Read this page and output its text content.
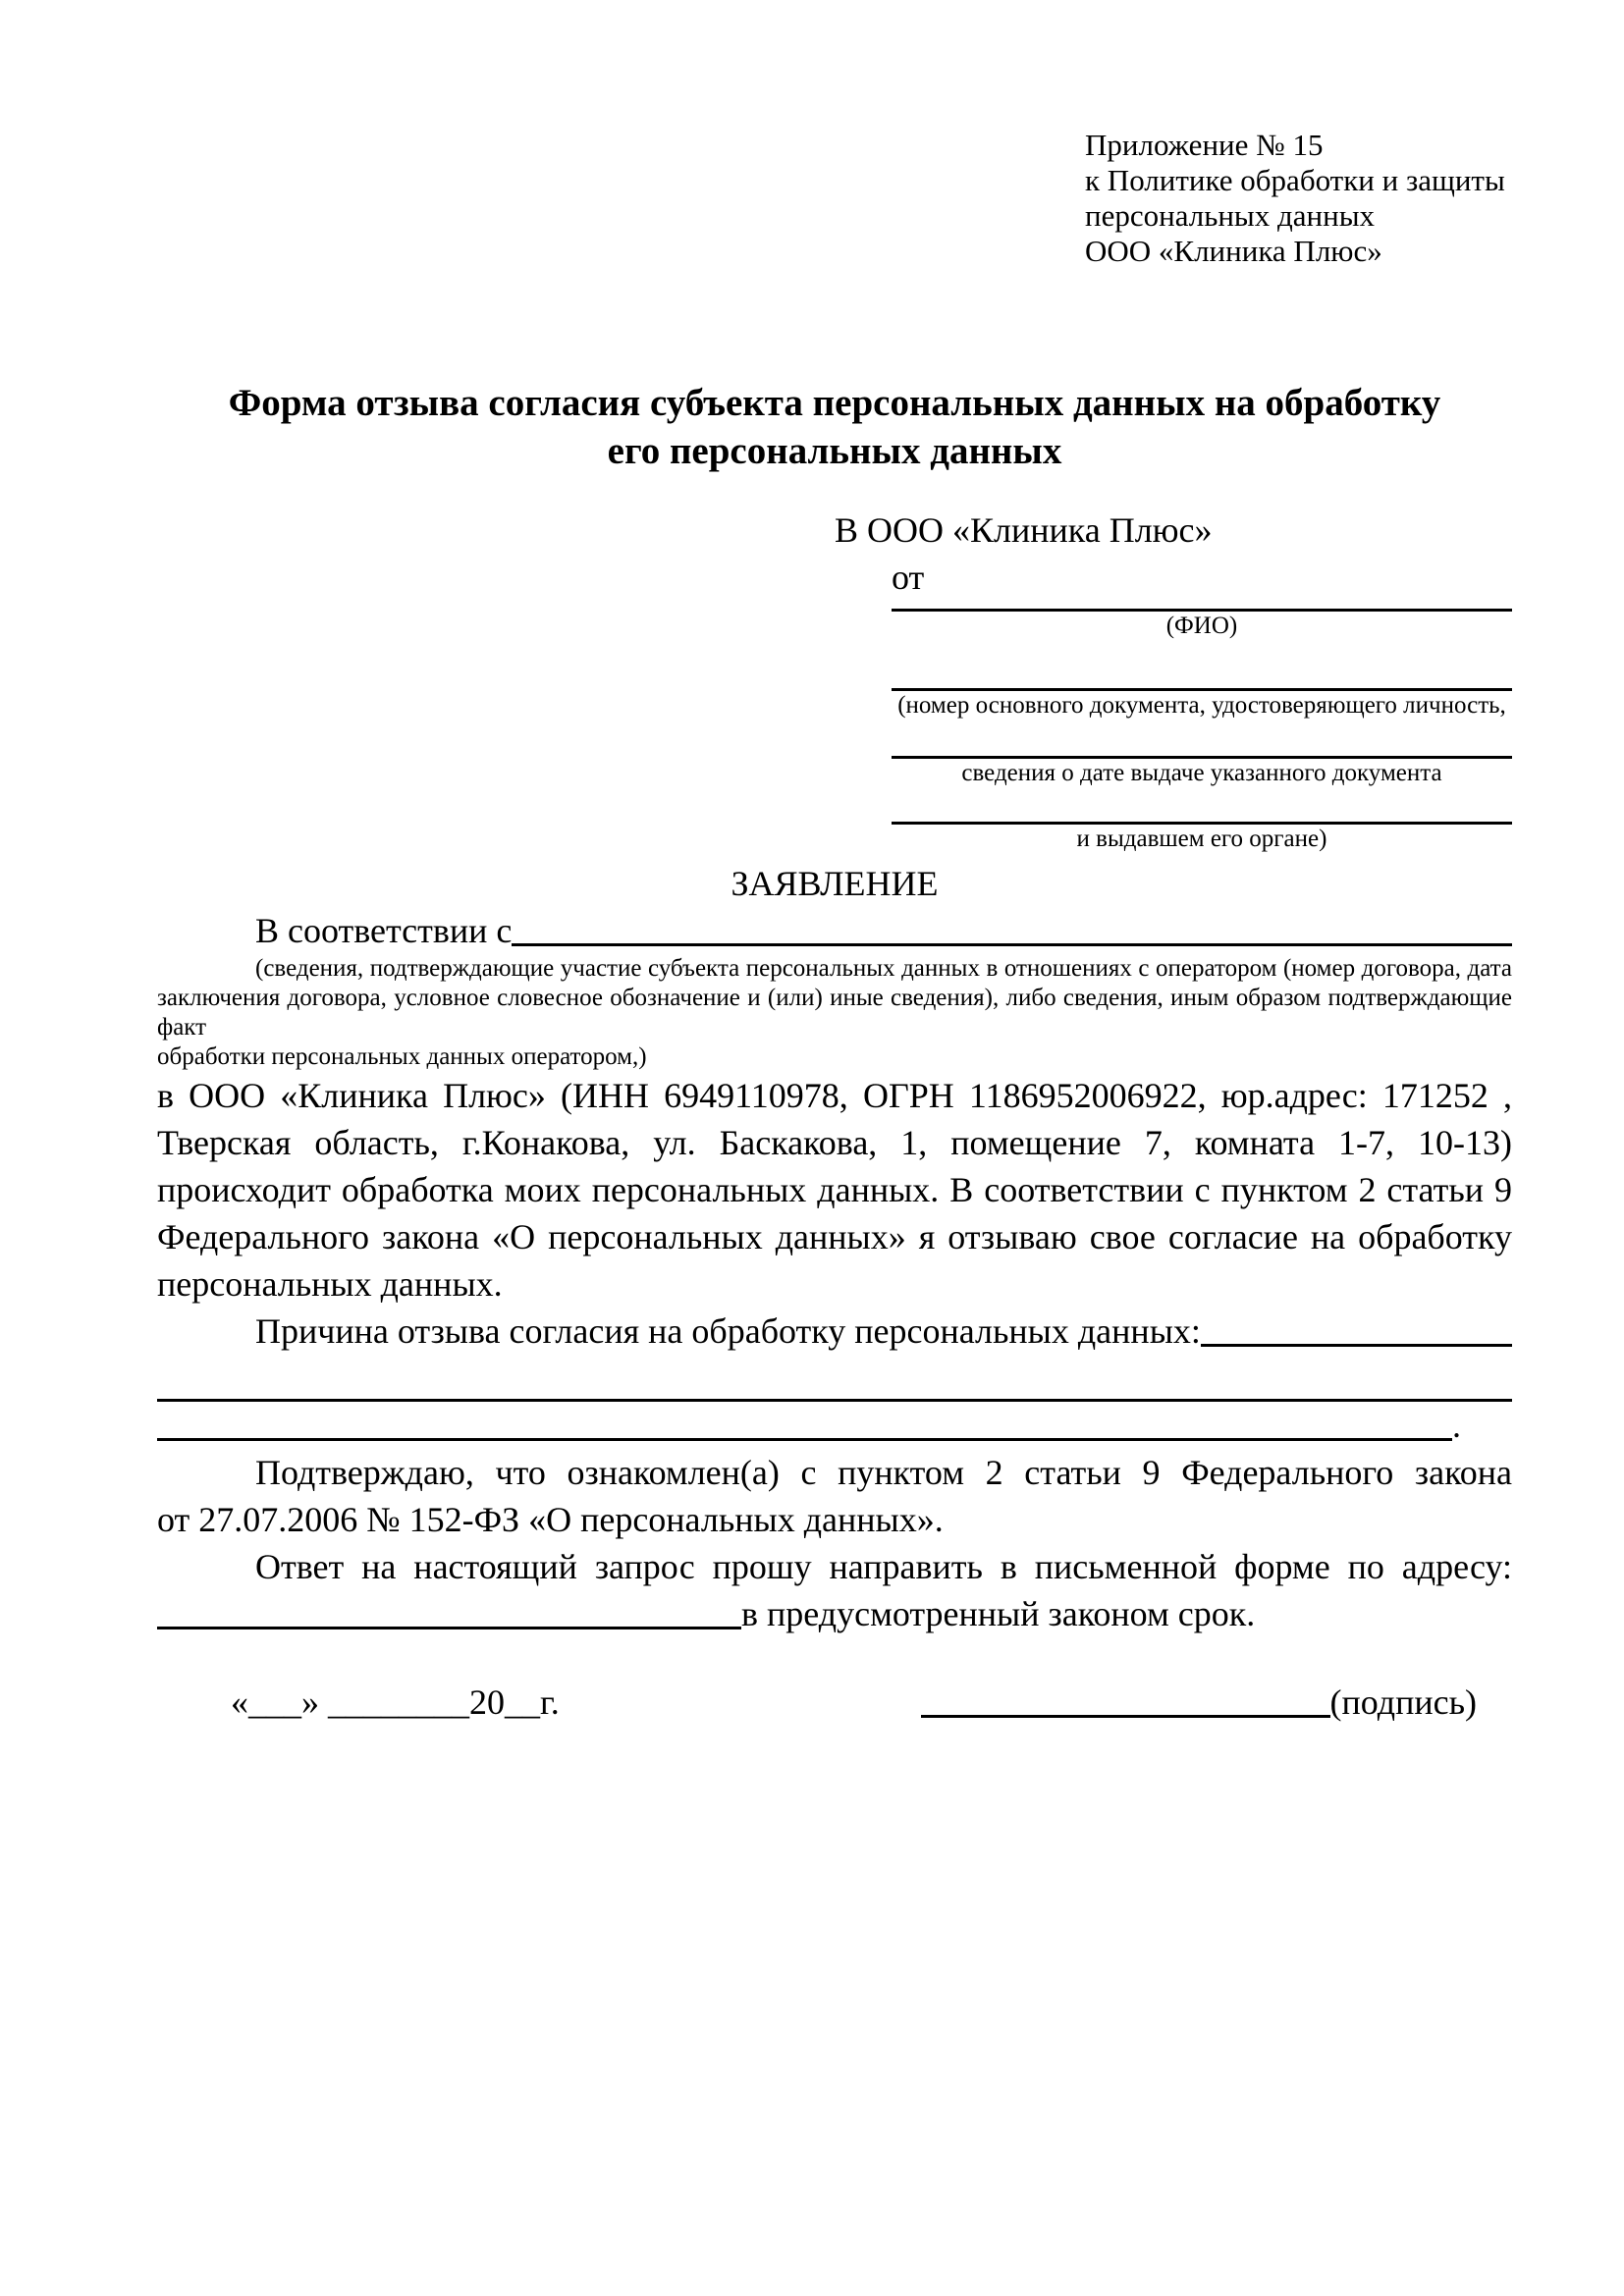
Приложение № 15
к Политике обработки и защиты
персональных данных
ООО «Клиника Плюс»
Форма отзыва согласия субъекта персональных данных на обработку
его персональных данных
В ООО «Клиника Плюс»
от
(ФИО)
(номер основного документа, удостоверяющего личность,
сведения о дате выдаче указанного документа
и выдавшем его органе)
ЗАЯВЛЕНИЕ
В соответствии с
(сведения, подтверждающие участие субъекта персональных данных в отношениях с оператором (номер договора, дата
заключения договора, условное словесное обозначение и (или) иные сведения), либо сведения, иным образом подтверждающие факт
обработки персональных данных оператором,)
в ООО «Клиника Плюс» (ИНН 6949110978, ОГРН 1186952006922, юр.адрес: 171252 ,
Тверская область, г.Конакова, ул. Баскакова, 1, помещение 7, комната 1-7, 10-13)
происходит обработка моих персональных данных. В соответствии с пунктом 2 статьи 9
Федерального закона «О персональных данных» я отзываю свое согласие на обработку
персональных данных.
Причина отзыва согласия на обработку персональных данных:
.
Подтверждаю, что ознакомлен(а) с пунктом 2 статьи 9 Федерального закона
от 27.07.2006 № 152-ФЗ «О персональных данных».
Ответ на настоящий запрос прошу направить в письменной форме по адресу:
в предусмотренный законом срок.
«___» ________20__г.	(подпись)
